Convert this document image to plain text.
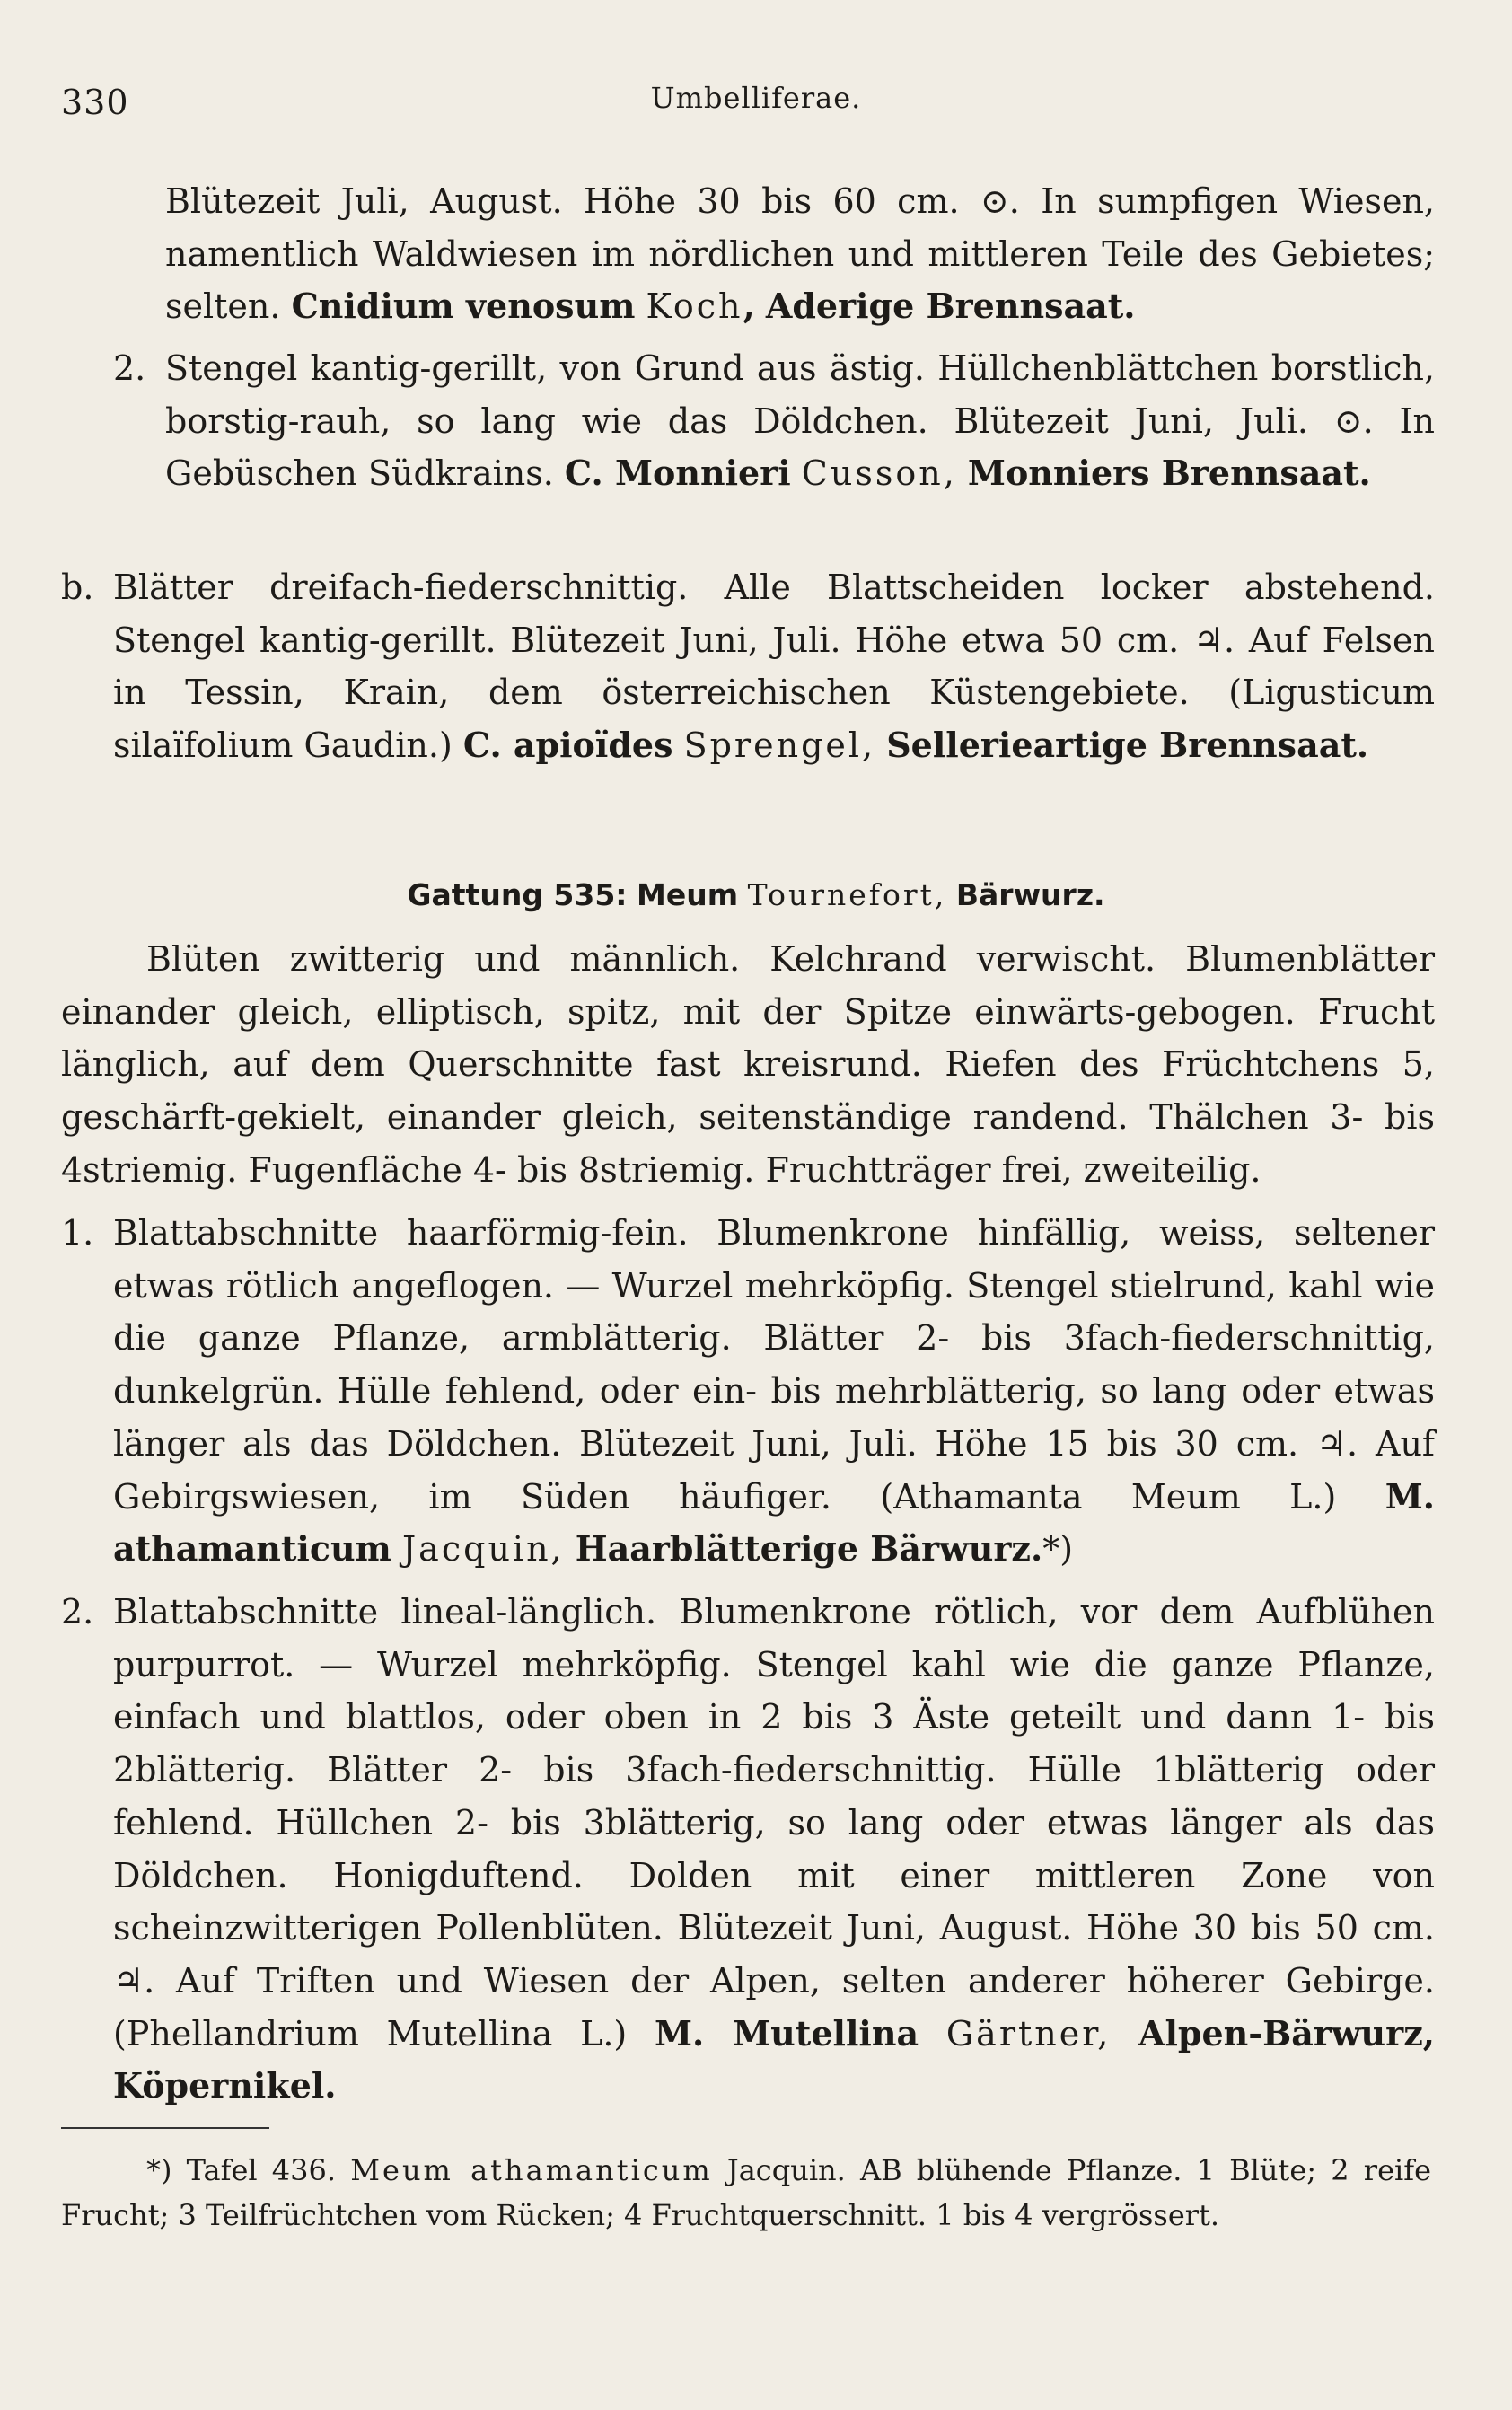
330	Umbelliferae.

Blütezeit Juli, August. Höhe 30 bis 60 cm. ⊙. In sumpfigen Wiesen, namentlich Waldwiesen im nördlichen und mittleren Teile des Gebietes; selten. Cnidium venosum Koch, Aderige Brennsaat.

2. Stengel kantig-gerillt, von Grund aus ästig. Hüllchenblättchen borstlich, borstig-rauh, so lang wie das Döldchen. Blütezeit Juni, Juli. ⊙. In Gebüschen Südkrains. C. Monnieri Cusson, Monniers Brennsaat.

b. Blätter dreifach-fiederschnittig. Alle Blattscheiden locker abstehend. Stengel kantig-gerillt. Blütezeit Juni, Juli. Höhe etwa 50 cm. ♃. Auf Felsen in Tessin, Krain, dem österreichischen Küstengebiete. (Ligusticum silaïfolium Gaudin.) C. apioïdes Sprengel, Sellerieartige Brennsaat.

Gattung 535: Meum Tournefort, Bärwurz.

Blüten zwitterig und männlich. Kelchrand verwischt. Blumenblätter einander gleich, elliptisch, spitz, mit der Spitze einwärts-gebogen. Frucht länglich, auf dem Querschnitte fast kreisrund. Riefen des Früchtchens 5, geschärft-gekielt, einander gleich, seitenständige randend. Thälchen 3- bis 4striemig. Fugenfläche 4- bis 8striemig. Fruchtträger frei, zweiteilig.

1. Blattabschnitte haarförmig-fein. Blumenkrone hinfällig, weiss, seltener etwas rötlich angeflogen. — Wurzel mehrköpfig. Stengel stielrund, kahl wie die ganze Pflanze, armblätterig. Blätter 2- bis 3fach-fiederschnittig, dunkelgrün. Hülle fehlend, oder ein- bis mehrblätterig, so lang oder etwas länger als das Döldchen. Blütezeit Juni, Juli. Höhe 15 bis 30 cm. ♃. Auf Gebirgswiesen, im Süden häufiger. (Athamanta Meum L.) M. athamanticum Jacquin, Haarblätterige Bärwurz.*)

2. Blattabschnitte lineal-länglich. Blumenkrone rötlich, vor dem Aufblühen purpurrot. — Wurzel mehrköpfig. Stengel kahl wie die ganze Pflanze, einfach und blattlos, oder oben in 2 bis 3 Äste geteilt und dann 1- bis 2blätterig. Blätter 2- bis 3fach-fiederschnittig. Hülle 1blätterig oder fehlend. Hüllchen 2- bis 3blätterig, so lang oder etwas länger als das Döldchen. Honigduftend. Dolden mit einer mittleren Zone von scheinzwitterigen Pollenblüten. Blütezeit Juni, August. Höhe 30 bis 50 cm. ♃. Auf Triften und Wiesen der Alpen, selten anderer höherer Gebirge. (Phellandrium Mutellina L.) M. Mutellina Gärtner, Alpen-Bärwurz, Köpernikel.

*) Tafel 436. Meum athamanticum Jacquin. AB blühende Pflanze. 1 Blüte; 2 reife Frucht; 3 Teilfrüchtchen vom Rücken; 4 Fruchtquerschnitt. 1 bis 4 vergrössert.
